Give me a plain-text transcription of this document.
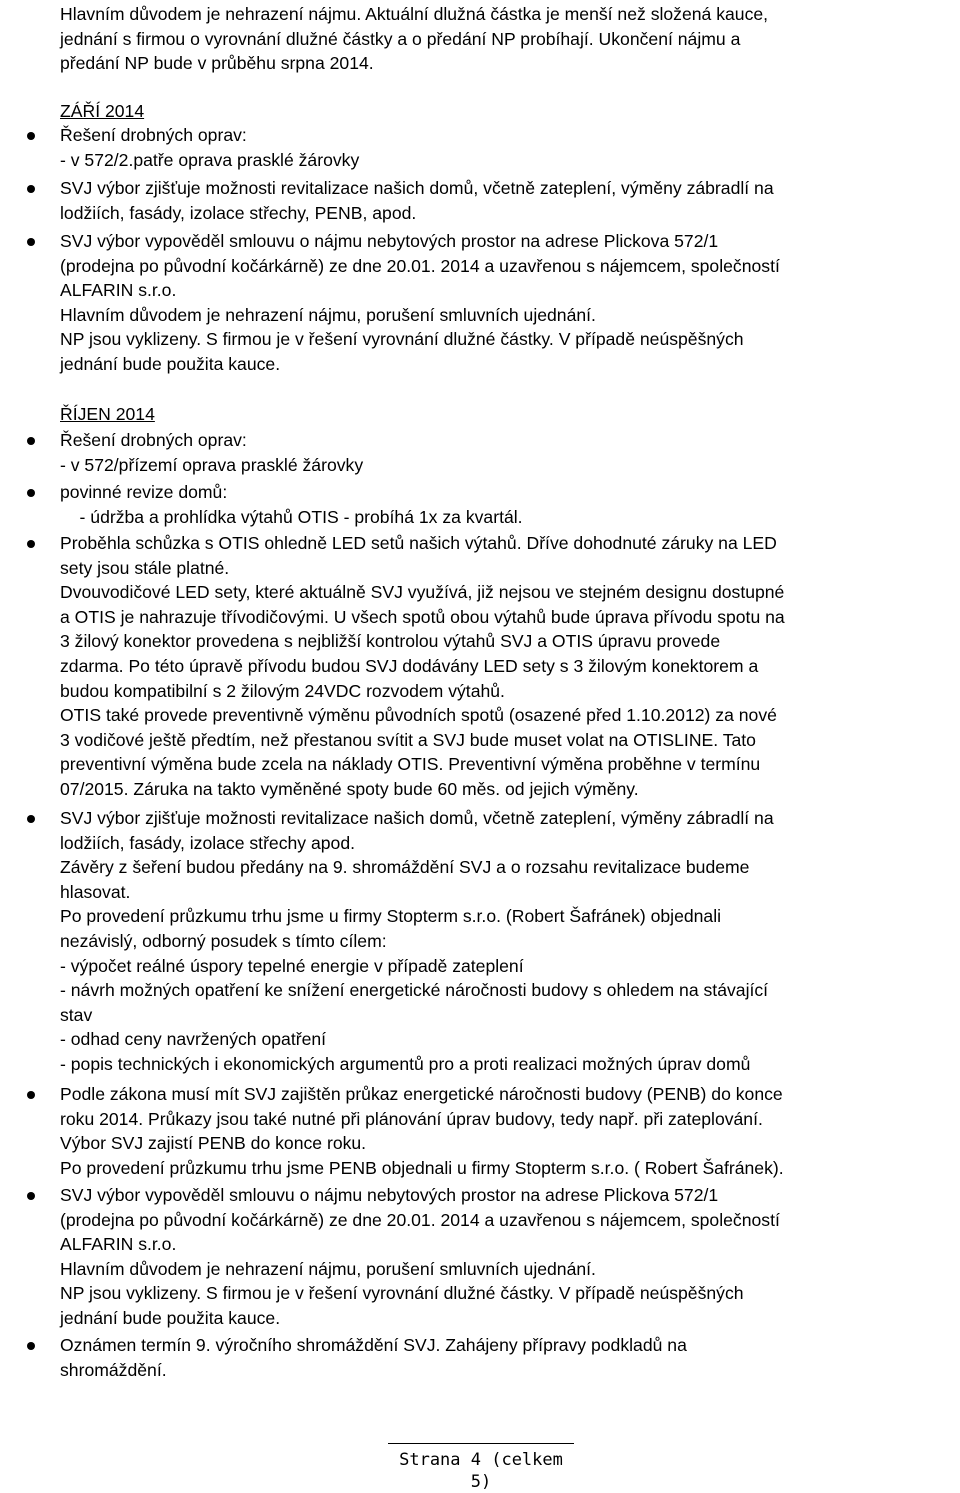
Hlavním důvodem je nehrazení nájmu. Aktuální dlužná částka je menší než složená kauce,
jednání s firmou o vyrovnání dlužné částky a o předání NP probíhají. Ukončení nájmu a
předání NP bude v průběhu srpna 2014.
ZÁŘÍ 2014
Řešení drobných oprav:
- v 572/2.patře oprava prasklé žárovky
SVJ výbor zjišťuje možnosti revitalizace našich domů, včetně zateplení, výměny zábradlí na
lodžiích, fasády, izolace střechy, PENB, apod.
SVJ výbor vypověděl smlouvu o nájmu nebytových prostor na adrese Plickova 572/1
(prodejna po původní kočárkárně) ze dne 20.01. 2014 a uzavřenou s nájemcem, společností
ALFARIN s.r.o.
Hlavním důvodem je nehrazení nájmu, porušení smluvních ujednání.
NP jsou vyklizeny. S firmou je v řešení vyrovnání dlužné částky. V případě neúspěšných
jednání bude použita kauce.
ŘÍJEN 2014
Řešení drobných oprav:
- v 572/přízemí oprava prasklé žárovky
povinné revize domů:
- údržba a prohlídka výtahů OTIS - probíhá 1x za kvartál.
Proběhla schůzka s OTIS ohledně LED setů našich výtahů. Dříve dohodnuté záruky na LED
sety jsou stále platné.
Dvouvodičové LED sety, které aktuálně SVJ využívá, již nejsou ve stejném designu dostupné
a OTIS je nahrazuje třívodičovými. U všech spotů obou výtahů bude úprava přívodu spotu na
3 žilový konektor provedena s nejbližší kontrolou výtahů SVJ a OTIS úpravu provede
zdarma. Po této úpravě přívodu budou SVJ dodávány LED sety s 3 žilovým konektorem a
budou kompatibilní s 2 žilovým 24VDC rozvodem výtahů.
OTIS také provede preventivně výměnu původních spotů (osazené před 1.10.2012) za nové
3 vodičové ještě předtím, než přestanou svítit a SVJ bude muset volat na OTISLINE. Tato
preventivní výměna bude zcela na náklady OTIS. Preventivní výměna proběhne v termínu
07/2015. Záruka na takto vyměněné spoty bude 60 měs. od jejich výměny.
SVJ výbor zjišťuje možnosti revitalizace našich domů, včetně zateplení, výměny zábradlí na
lodžiích, fasády, izolace střechy apod.
Závěry z šeření budou předány na 9. shromáždění SVJ a o rozsahu revitalizace budeme
hlasovat.
Po provedení průzkumu trhu jsme u firmy Stopterm s.r.o. (Robert Šafránek) objednali
nezávislý, odborný posudek s tímto cílem:
- výpočet reálné úspory tepelné energie v případě zateplení
- návrh možných opatření ke snížení energetické náročnosti budovy s ohledem na stávající
stav
- odhad ceny navržených opatření
- popis technických i ekonomických argumentů pro a proti realizaci možných úprav domů
Podle zákona musí mít SVJ zajištěn průkaz energetické náročnosti budovy (PENB) do konce
roku 2014. Průkazy jsou také nutné při plánování úprav budovy, tedy např. při zateplování.
Výbor SVJ zajistí PENB do konce roku.
Po provedení průzkumu trhu jsme PENB objednali u firmy Stopterm s.r.o. ( Robert Šafránek).
SVJ výbor vypověděl smlouvu o nájmu nebytových prostor na adrese Plickova 572/1
(prodejna po původní kočárkárně) ze dne 20.01. 2014 a uzavřenou s nájemcem, společností
ALFARIN s.r.o.
Hlavním důvodem je nehrazení nájmu, porušení smluvních ujednání.
NP jsou vyklizeny. S firmou je v řešení vyrovnání dlužné částky. V případě neúspěšných
jednání bude použita kauce.
Oznámen termín 9. výročního shromáždění SVJ. Zahájeny přípravy podkladů na
shromáždění.
Strana 4 (celkem 5)
